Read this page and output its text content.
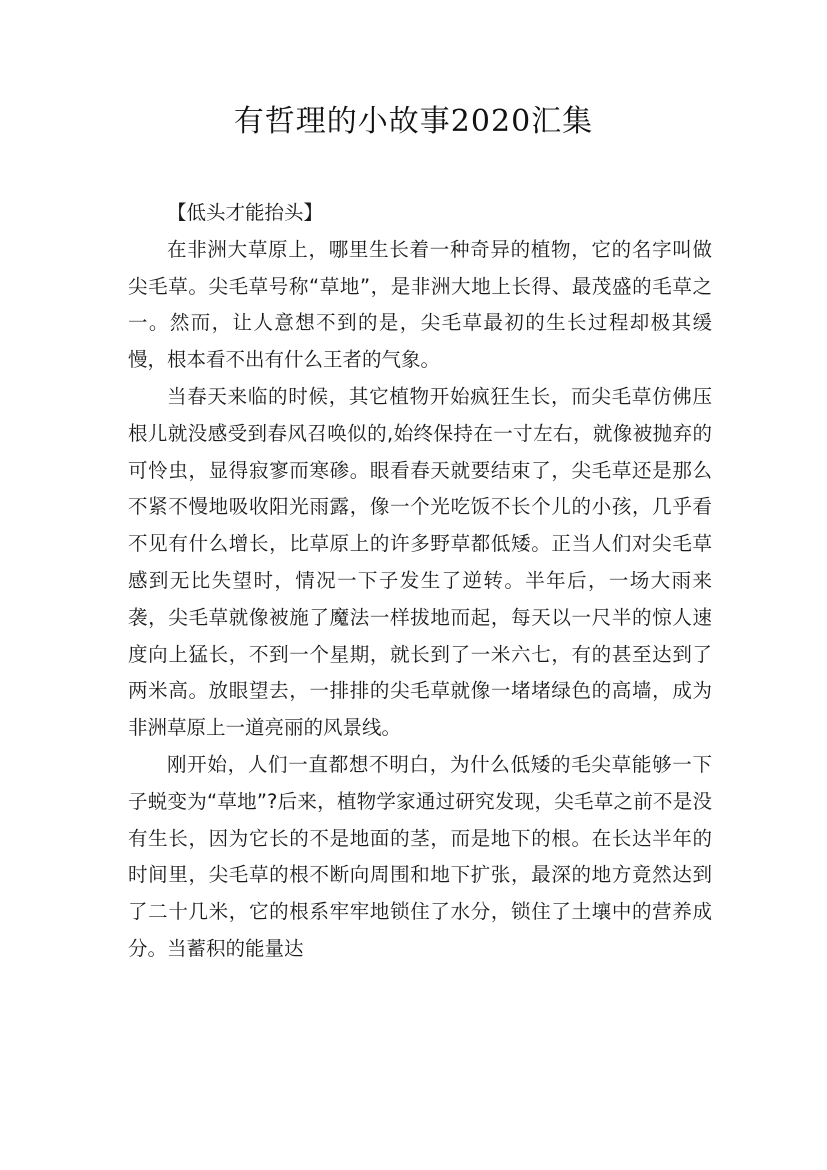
有哲理的小故事2020汇集
【低头才能抬头】

在非洲大草原上，哪里生长着一种奇异的植物，它的名字叫做尖毛草。尖毛草号称“草地”，是非洲大地上长得、最茂盛的毛草之一。然而，让人意想不到的是，尖毛草最初的生长过程却极其缓慢，根本看不出有什么王者的气象。

当春天来临的时候，其它植物开始疯狂生长，而尖毛草仿佛压根儿就没感受到春风召唤似的,始终保持在一寸左右，就像被抛弃的可怜虫，显得寂寥而寒碜。眼看春天就要结束了，尖毛草还是那么不紧不慢地吸收阳光雨露，像一个光吃饭不长个儿的小孩，几乎看不见有什么增长，比草原上的许多野草都低矮。正当人们对尖毛草感到无比失望时，情况一下子发生了逆转。半年后，一场大雨来袭，尖毛草就像被施了魔法一样拔地而起，每天以一尺半的惊人速度向上猛长，不到一个星期，就长到了一米六七，有的甚至达到了两米高。放眼望去，一排排的尖毛草就像一堵堵绿色的高墙，成为非洲草原上一道亮丽的风景线。

刚开始，人们一直都想不明白，为什么低矮的毛尖草能够一下子蜕变为“草地”?后来，植物学家通过研究发现，尖毛草之前不是没有生长，因为它长的不是地面的茎，而是地下的根。在长达半年的时间里，尖毛草的根不断向周围和地下扩张，最深的地方竟然达到了二十几米，它的根系牢牢地锁住了水分，锁住了土壤中的营养成分。当蓄积的能量达
